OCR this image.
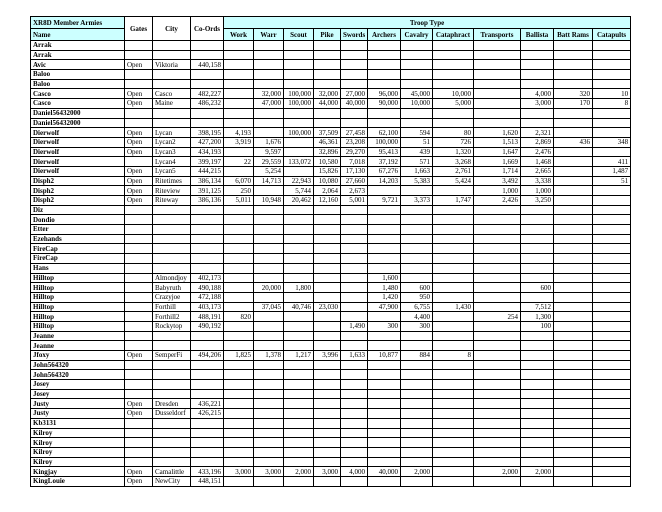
XR8D Member Armies	Gates	City	Co-Ords	Troop Type											
Name				Work	Warr	Scout	Pike	Swords	Archers	Cavalry	Cataphract	Transports	Ballista	Batt Rams	Catapults
Arrak															
Arrak															
Avic	Open	Viktoria	440,158												
Baloo															
Baloo															
Casco	Open	Casco	482,227		32,000	100,000	32,000	27,000	96,000	45,000	10,000		4,000	320	10
Casco	Open	Maine	486,232		47,000	100,000	44,000	40,000	90,000	10,000	5,000		3,000	170	8
Daniel56432000															
Daniel56432000															
Dierwolf	Open	Lycan	398,195	4,193		100,000	37,509	27,458	62,100	594	80	1,620	2,321		
Dierwolf	Open	Lycan2	427,200	3,919	1,676		46,361	23,208	100,000	51	726	1,513	2,869	436	348
Dierwolf	Open	Lycan3	434,193		9,597		32,896	29,270	95,413	439	1,320	1,647	2,476		
Dierwolf		Lycan4	399,197	22	29,559	133,072	10,580	7,018	37,192	571	3,268	1,669	1,468		411
Dierwolf	Open	Lycan5	444,215		5,254		15,826	17,130	67,276	1,663	2,761	1,714	2,665		1,487
Disph2	Open	Ritetimes	386,134	6,070	14,713	22,943	10,080	27,660	14,203	5,383	5,424	3,492	3,338		51
Disph2	Open	Riteview	391,125	250		5,744	2,064	2,673				1,000	1,000		
Disph2	Open	Riteway	386,136	5,011	10,948	20,462	12,160	5,001	9,721	3,373	1,747	2,426	3,250		
Diz															
Dondio															
Etter															
Ezehands															
FireCap															
FireCap															
Hans															
Hilltop		Almondjoy	402,173						1,600						
Hilltop		Babyruth	490,188		20,000	1,800			1,480	600			600		
Hilltop		Crazyjoe	472,188						1,420	950					
Hilltop		Forthill	403,173		37,045	40,746	23,030		47,900	6,755	1,430		7,512		
Hilltop		Forthill2	488,191	820						4,400		254	1,300		
Hilltop		Rockytop	490,192					1,490	300	300			100		
Jeanne															
Jeanne															
Jfoxy	Open	SemperFi	494,206	1,825	1,378	1,217	3,996	1,633	10,877	884	8				
John564320															
John564320															
Josey															
Josey															
Justy	Open	Dresden	436,221												
Justy	Open	Dusseldorf	426,215												
Kb3131															
Kilroy															
Kilroy															
Kilroy															
Kilroy															
Kingjay	Open	Camalittle	433,196	3,000	3,000	2,000	3,000	4,000	40,000	2,000		2,000	2,000		
KingLouie	Open	NewCity	448,151												
